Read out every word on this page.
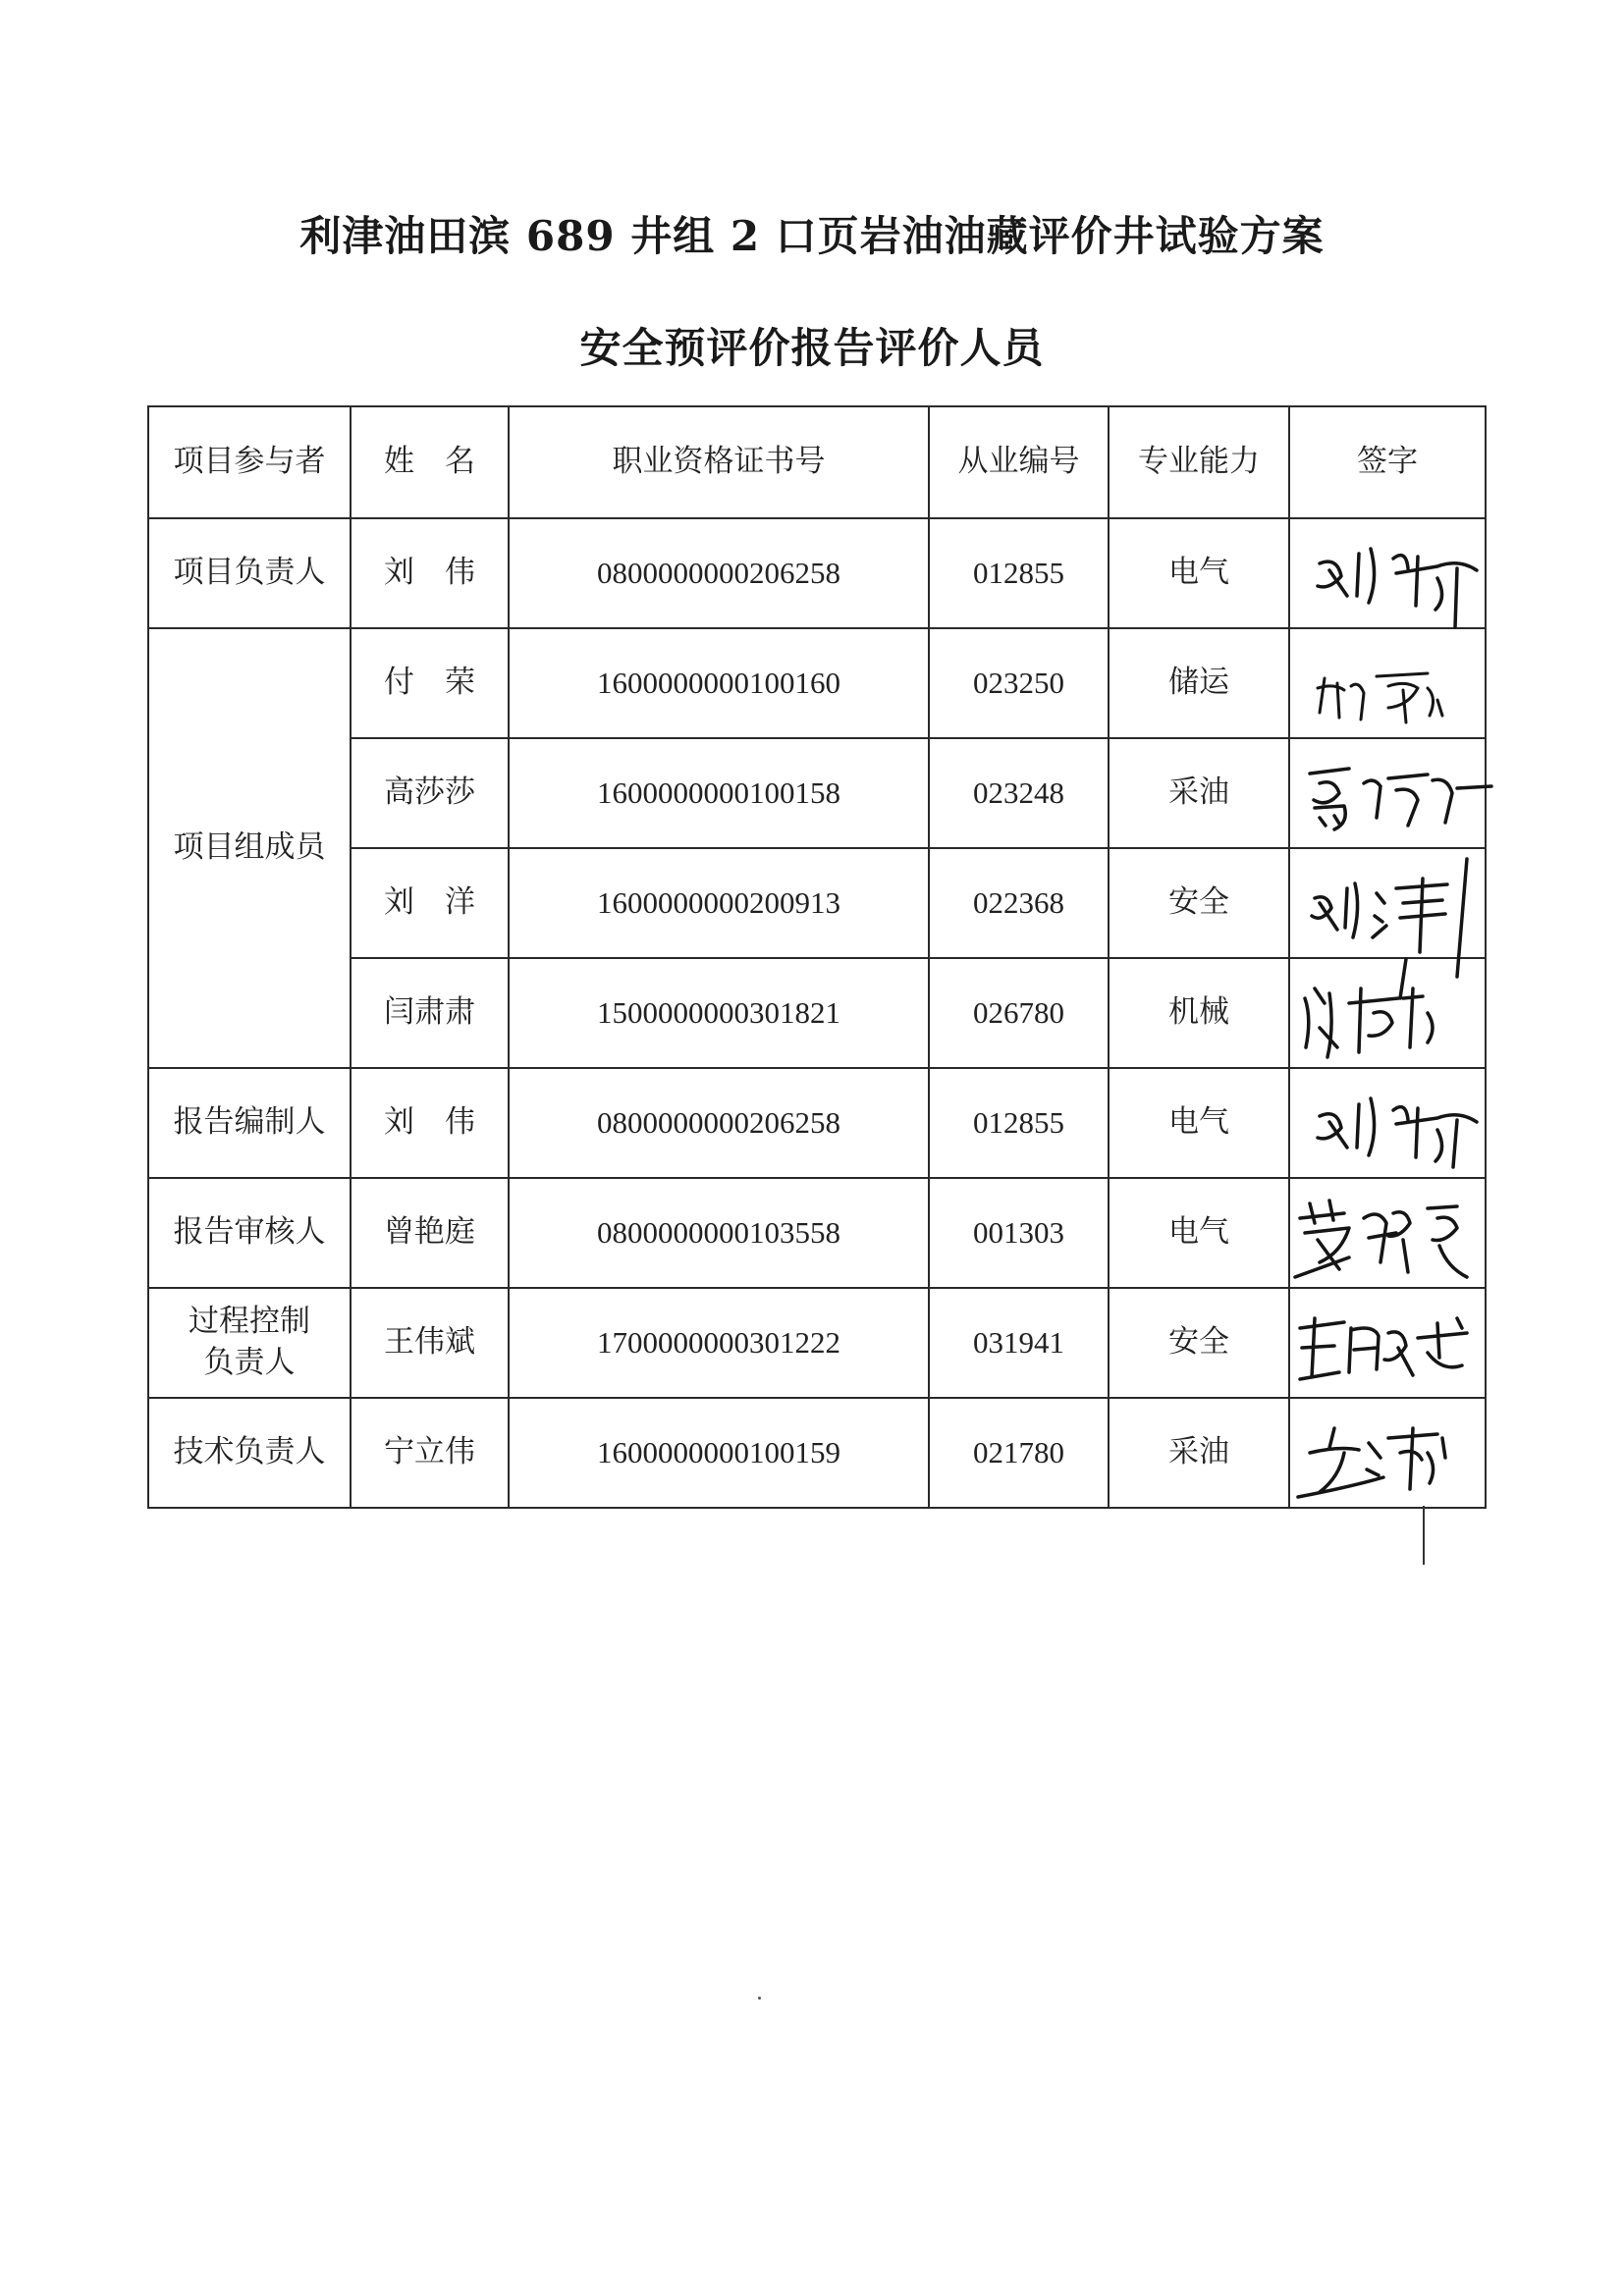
利津油田滨 689 井组 2 口页岩油油藏评价井试验方案
安全预评价报告评价人员
项目参与者	姓　名	职业资格证书号	从业编号	专业能力	签字
项目负责人	刘　伟	0800000000206258	012855	电气	

项目组成员	付　荣	1600000000100160	023250	储运	

	高莎莎	1600000000100158	023248	采油	

	刘　洋	1600000000200913	022368	安全	

	闫肃肃	1500000000301821	026780	机械	

报告编制人	刘　伟	0800000000206258	012855	电气	

报告审核人	曾艳庭	0800000000103558	001303	电气	

过程控制
负责人	王伟斌	1700000000301222	031941	安全	

技术负责人	宁立伟	1600000000100159	021780	采油	
